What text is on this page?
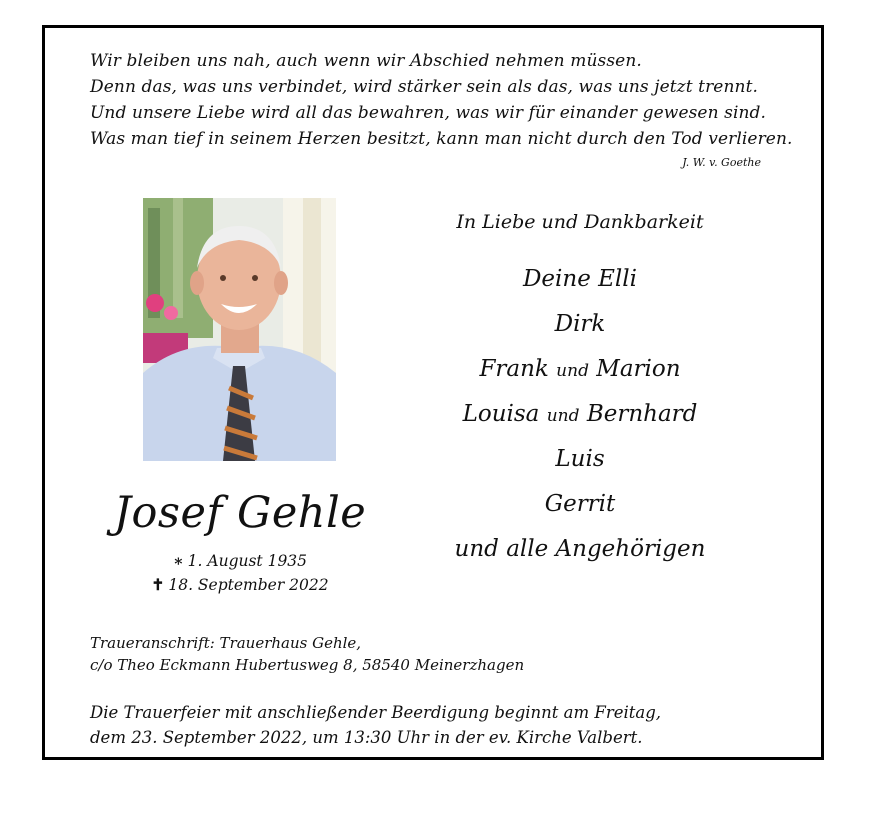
Wir bleiben uns nah, auch wenn wir Abschied nehmen müssen.
Denn das, was uns verbindet, wird stärker sein als das, was uns jetzt trennt.
Und unsere Liebe wird all das bewahren, was wir für einander gewesen sind.
Was man tief in seinem Herzen besitzt, kann man nicht durch den Tod verlieren.
J. W. v. Goethe
Josef Gehle
∗ 1. August 1935
✝ 18. September 2022
In Liebe und Dankbarkeit
Deine Elli
Dirk
Frank und Marion
Louisa und Bernhard
Luis
Gerrit
und alle Angehörigen
Traueranschrift: Trauerhaus Gehle,
c/o Theo Eckmann Hubertusweg 8, 58540 Meinerzhagen
Die Trauerfeier mit anschließender Beerdigung beginnt am Freitag,
dem 23. September 2022, um 13:30 Uhr in der ev. Kirche Valbert.
